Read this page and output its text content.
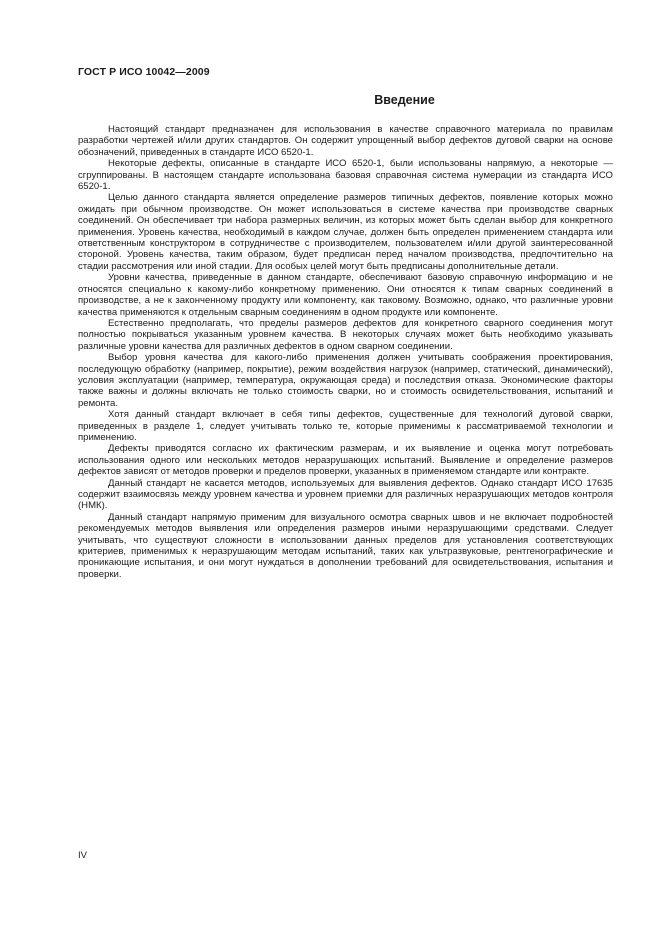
ГОСТ Р ИСО 10042—2009
Введение

Настоящий стандарт предназначен для использования в качестве справочного материала по правилам разработки чертежей и/или других стандартов. Он содержит упрощенный выбор дефектов дуговой сварки на основе обозначений, приведенных в стандарте ИСО 6520-1.

Некоторые дефекты, описанные в стандарте ИСО 6520-1, были использованы напрямую, а некоторые — сгруппированы. В настоящем стандарте использована базовая справочная система нумерации из стандарта ИСО 6520-1.

Целью данного стандарта является определение размеров типичных дефектов, появление которых можно ожидать при обычном производстве. Он может использоваться в системе качества при производстве сварных соединений. Он обеспечивает три набора размерных величин, из которых может быть сделан выбор для конкретного применения. Уровень качества, необходимый в каждом случае, должен быть определен применением стандарта или ответственным конструктором в сотрудничестве с производителем, пользователем и/или другой заинтересованной стороной. Уровень качества, таким образом, будет предписан перед началом производства, предпочтительно на стадии рассмотрения или иной стадии. Для особых целей могут быть предписаны дополнительные детали.

Уровни качества, приведенные в данном стандарте, обеспечивают базовую справочную информацию и не относятся специально к какому-либо конкретному применению. Они относятся к типам сварных соединений в производстве, а не к законченному продукту или компоненту, как таковому. Возможно, однако, что различные уровни качества применяются к отдельным сварным соединениям в одном продукте или компоненте.

Естественно предполагать, что пределы размеров дефектов для конкретного сварного соединения могут полностью покрываться указанным уровнем качества. В некоторых случаях может быть необходимо указывать различные уровни качества для различных дефектов в одном сварном соединении.

Выбор уровня качества для какого-либо применения должен учитывать соображения проектирования, последующую обработку (например, покрытие), режим воздействия нагрузок (например, статический, динамический), условия эксплуатации (например, температура, окружающая среда) и последствия отказа. Экономические факторы также важны и должны включать не только стоимость сварки, но и стоимость освидетельствования, испытаний и ремонта.

Хотя данный стандарт включает в себя типы дефектов, существенные для технологий дуговой сварки, приведенных в разделе 1, следует учитывать только те, которые применимы к рассматриваемой технологии и применению.

Дефекты приводятся согласно их фактическим размерам, и их выявление и оценка могут потребовать использования одного или нескольких методов неразрушающих испытаний. Выявление и определение размеров дефектов зависят от методов проверки и пределов проверки, указанных в применяемом стандарте или контракте.

Данный стандарт не касается методов, используемых для выявления дефектов. Однако стандарт ИСО 17635 содержит взаимосвязь между уровнем качества и уровнем приемки для различных неразрушающих методов контроля (НМК).

Данный стандарт напрямую применим для визуального осмотра сварных швов и не включает подробностей рекомендуемых методов выявления или определения размеров иными неразрушающими средствами. Следует учитывать, что существуют сложности в использовании данных пределов для установления соответствующих критериев, применимых к неразрушающим методам испытаний, таких как ультразвуковые, рентгенографические и проникающие испытания, и они могут нуждаться в дополнении требований для освидетельствования, испытания и проверки.

IV
